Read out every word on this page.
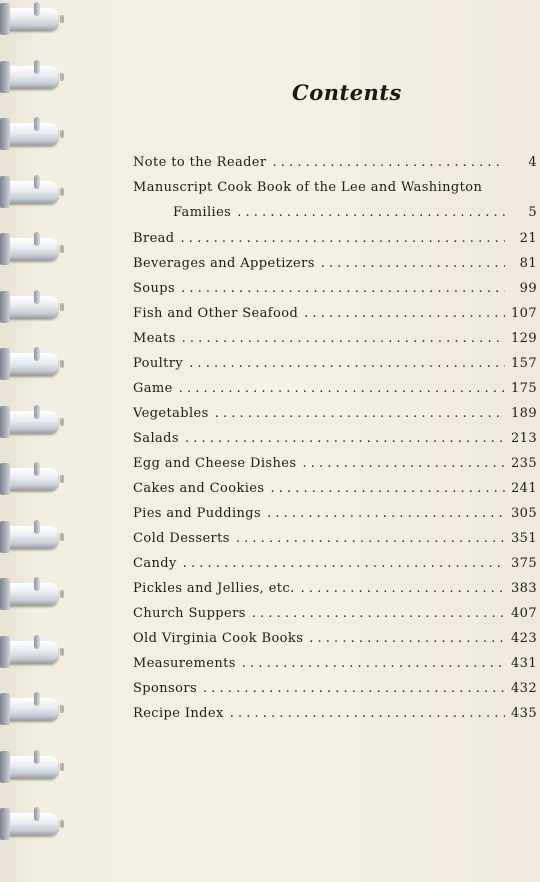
Contents
Note to the Reader . . .	4
Manuscript Cook Book of the Lee and Washington
Families . . .	5
Bread . . .	21
Beverages and Appetizers . . .	81
Soups . . .	99
Fish and Other Seafood . . .	107
Meats . . .	129
Poultry . . .	157
Game . . .	175
Vegetables . . .	189
Salads . . .	213
Egg and Cheese Dishes . . .	235
Cakes and Cookies . . .	241
Pies and Puddings . . .	305
Cold Desserts . . .	351
Candy . . .	375
Pickles and Jellies, etc. . . .	383
Church Suppers . . .	407
Old Virginia Cook Books . . .	423
Measurements . . .	431
Sponsors . . .	432
Recipe Index . . .	435
